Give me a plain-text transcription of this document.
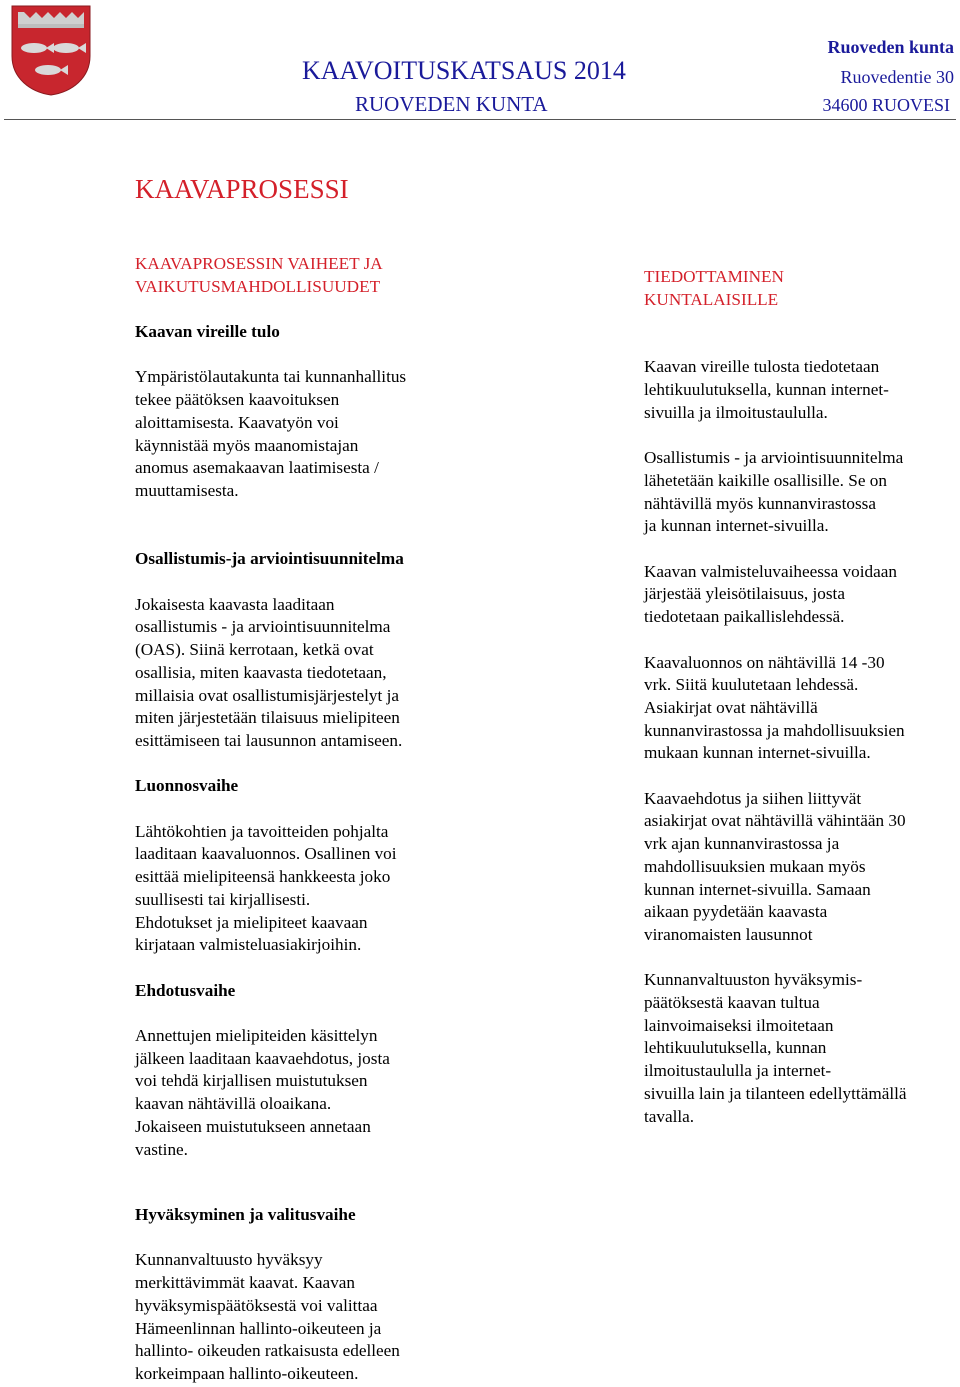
KAAVOITUSKATSAUS 2014
RUOVEDEN KUNTA
Ruoveden kunta
Ruovedentie 30
34600 RUOVESI
KAAVAPROSESSI

KAAVAPROSESSIN VAIHEET JA
VAIKUTUSMAHDOLLISUUDET

Kaavan vireille tulo

Ympäristölautakunta tai kunnanhallitus
tekee päätöksen kaavoituksen
aloittamisesta. Kaavatyön voi
käynnistää myös maanomistajan
anomus asemakaavan laatimisesta /
muuttamisesta.

Osallistumis-ja arviointisuunnitelma

Jokaisesta kaavasta laaditaan
osallistumis - ja arviointisuunnitelma
(OAS). Siinä kerrotaan, ketkä ovat
osallisia, miten kaavasta tiedotetaan,
millaisia ovat osallistumisjärjestelyt ja
miten järjestetään tilaisuus mielipiteen
esittämiseen tai lausunnon antamiseen.

Luonnosvaihe

Lähtökohtien ja tavoitteiden pohjalta
laaditaan kaavaluonnos. Osallinen voi
esittää mielipiteensä hankkeesta joko
suullisesti tai kirjallisesti.
Ehdotukset ja mielipiteet kaavaan
kirjataan valmisteluasiakirjoihin.

Ehdotusvaihe

Annettujen mielipiteiden käsittelyn
jälkeen laaditaan kaavaehdotus, josta
voi tehdä kirjallisen muistutuksen
kaavan nähtävillä oloaikana.
Jokaiseen muistutukseen annetaan
vastine.

TIEDOTTAMINEN
KUNTALAISILLE

Kaavan vireille tulosta tiedotetaan
lehtikuulutuksella, kunnan internet-
sivuilla ja ilmoitustaululla.

Osallistumis - ja arviointisuunnitelma
lähetetään kaikille osallisille. Se on
nähtävillä myös kunnanvirastossa
ja kunnan internet-sivuilla.

Kaavan valmisteluvaiheessa voidaan
järjestää yleisötilaisuus, josta
tiedotetaan paikallislehdessä.

Kaavaluonnos on nähtävillä 14 -30
vrk. Siitä kuulutetaan lehdessä.
Asiakirjat ovat nähtävillä
kunnanvirastossa ja mahdollisuuksien
mukaan kunnan internet-sivuilla.

Kaavaehdotus ja siihen liittyvät
asiakirjat ovat nähtävillä vähintään 30
vrk ajan kunnanvirastossa ja
mahdollisuuksien mukaan myös
kunnan internet-sivuilla. Samaan
aikaan pyydetään kaavasta
viranomaisten lausunnot

Kunnanvaltuuston hyväksymis-
päätöksestä kaavan tultua
lainvoimaiseksi ilmoitetaan
lehtikuulutuksella, kunnan
ilmoitustaululla ja internet-
sivuilla lain ja tilanteen edellyttämällä
tavalla.

Hyväksyminen ja valitusvaihe

Kunnanvaltuusto hyväksyy
merkittävimmät kaavat. Kaavan
hyväksymispäätöksestä voi valittaa
Hämeenlinnan hallinto-oikeuteen ja
hallinto- oikeuden ratkaisusta edelleen
korkeimpaan hallinto-oikeuteen.
